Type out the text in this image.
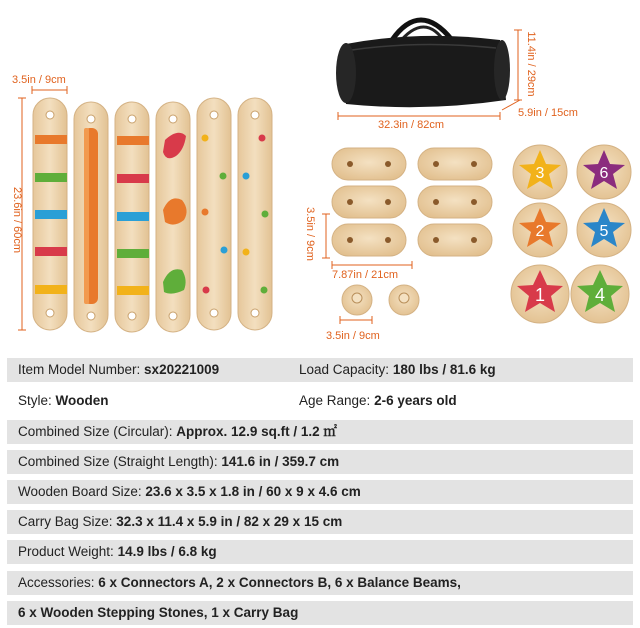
3	6
2	5
1	4
3.5in / 9cm
23.6in / 60cm
11.4in / 29cm
32.3in / 82cm
5.9in / 15cm
3.5in / 9cm
7.87in / 21cm
3.5in / 9cm
Item Model Number: sx20221009	Load Capacity: 180 lbs / 81.6 kg
Style: Wooden	Age Range: 2-6 years old
Combined Size (Circular): Approx. 12.9 sq.ft / 1.2 ㎡
Combined Size (Straight Length): 141.6 in / 359.7 cm
Wooden Board Size: 23.6 x 3.5 x 1.8 in / 60 x 9 x 4.6 cm
Carry Bag Size: 32.3 x 11.4 x 5.9 in / 82 x 29 x 15 cm
Product Weight: 14.9 lbs / 6.8 kg
Accessories: 6 x Connectors A, 2 x Connectors B, 6 x Balance Beams,
6 x Wooden Stepping Stones, 1 x Carry Bag
